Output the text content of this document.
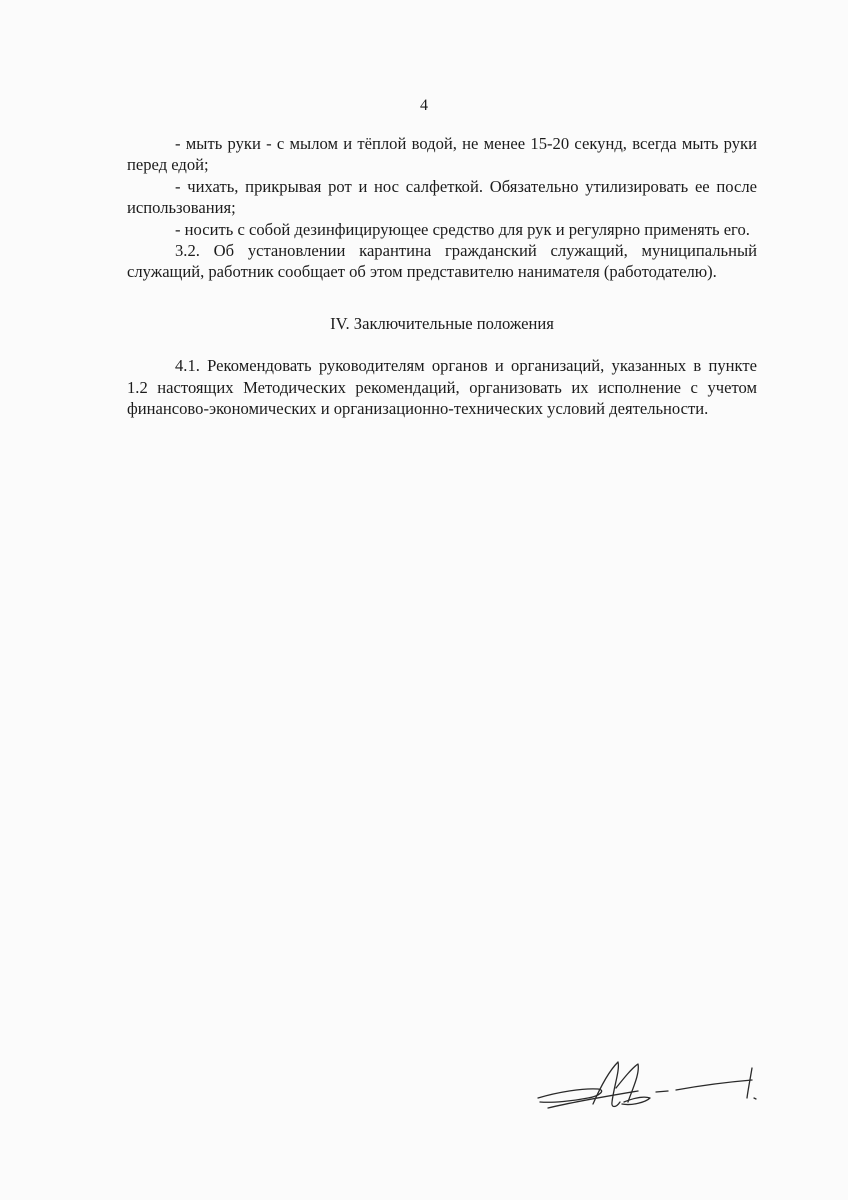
4

- мыть руки - с мылом и тёплой водой, не менее 15-20 секунд, всегда мыть руки перед едой;

- чихать, прикрывая рот и нос салфеткой. Обязательно утилизировать ее после использования;

- носить с собой дезинфицирующее средство для рук и регулярно применять его.

3.2. Об установлении карантина гражданский служащий, муниципальный служащий, работник сообщает об этом представителю нанимателя (работодателю).

IV. Заключительные положения

4.1. Рекомендовать руководителям органов и организаций, указанных в пункте 1.2 настоящих Методических рекомендаций, организовать их исполнение с учетом финансово-экономических и организационно-технических условий деятельности.
